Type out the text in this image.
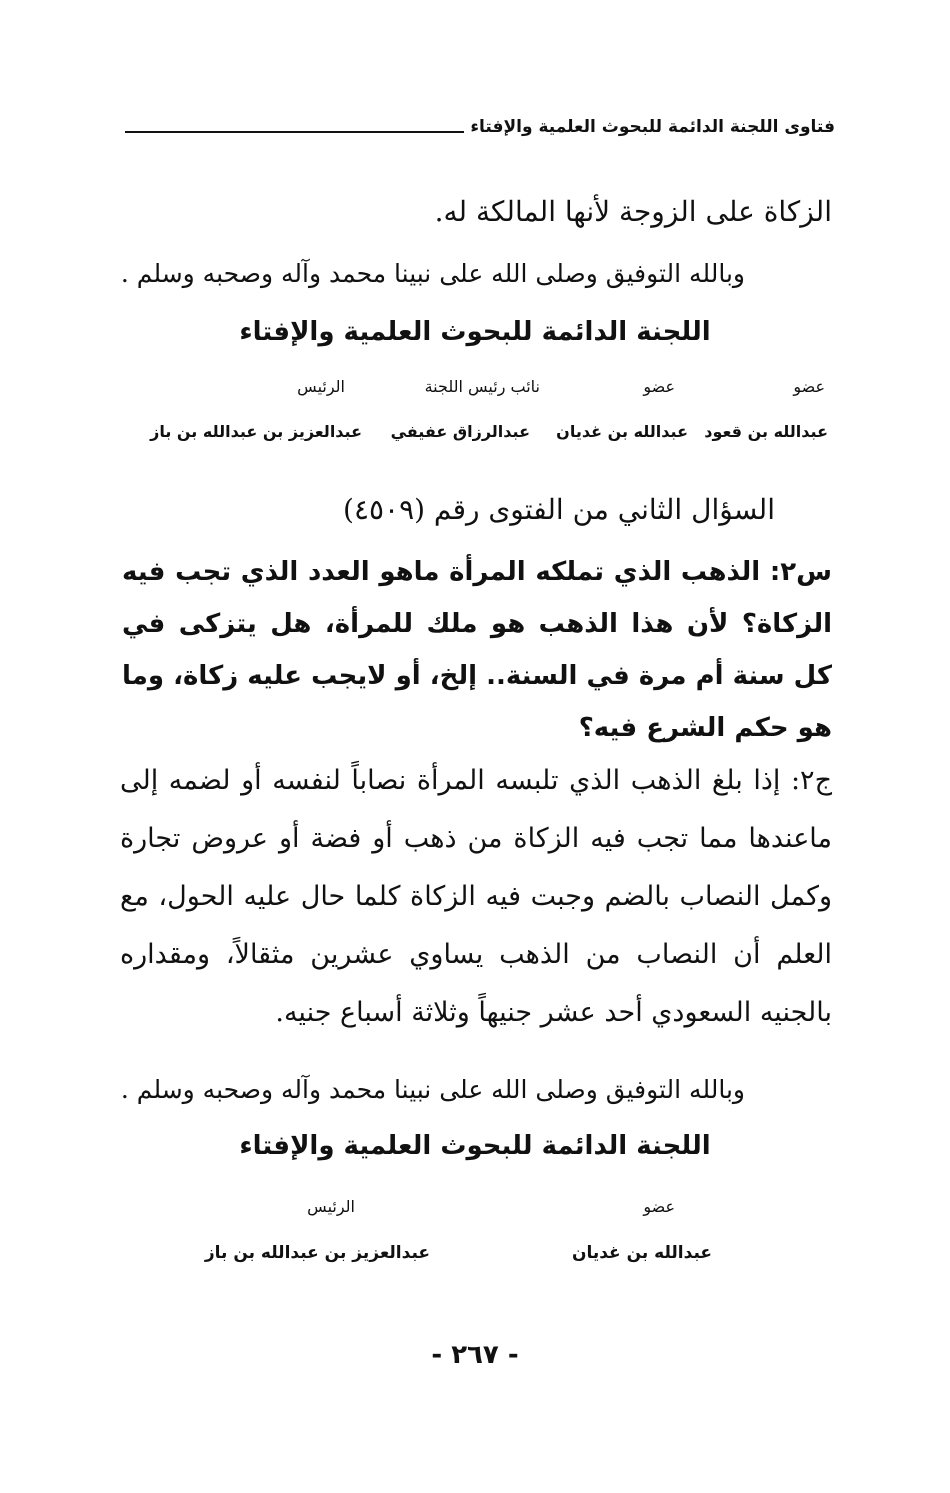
فتاوى اللجنة الدائمة للبحوث العلمية والإفتاء
الزكاة على الزوجة لأنها المالكة له.
وبالله التوفيق وصلى الله على نبينا محمد وآله وصحبه وسلم .
اللجنة الدائمة للبحوث العلمية والإفتاء
عضو
عضو
نائب رئيس اللجنة
الرئيس
عبدالله بن قعود
عبدالله بن غديان
عبدالرزاق عفيفي
عبدالعزيز بن عبدالله بن باز
السؤال الثاني من الفتوى رقم (٤٥٠٩)
س٢: الذهب الذي تملكه المرأة ماهو العدد الذي تجب فيه الزكاة؟ لأن هذا الذهب هو ملك للمرأة، هل يتزكى في كل سنة أم مرة في السنة.. إلخ، أو لايجب عليه زكاة، وما هو حكم الشرع فيه؟
ج٢: إذا بلغ الذهب الذي تلبسه المرأة نصاباً لنفسه أو لضمه إلى ماعندها مما تجب فيه الزكاة من ذهب أو فضة أو عروض تجارة وكمل النصاب بالضم وجبت فيه الزكاة كلما حال عليه الحول، مع العلم أن النصاب من الذهب يساوي عشرين مثقالاً، ومقداره بالجنيه السعودي أحد عشر جنيهاً وثلاثة أسباع جنيه.
وبالله التوفيق وصلى الله على نبينا محمد وآله وصحبه وسلم .
اللجنة الدائمة للبحوث العلمية والإفتاء
عضو
الرئيس
عبدالله بن غديان
عبدالعزيز بن عبدالله بن باز
- ٢٦٧ -
